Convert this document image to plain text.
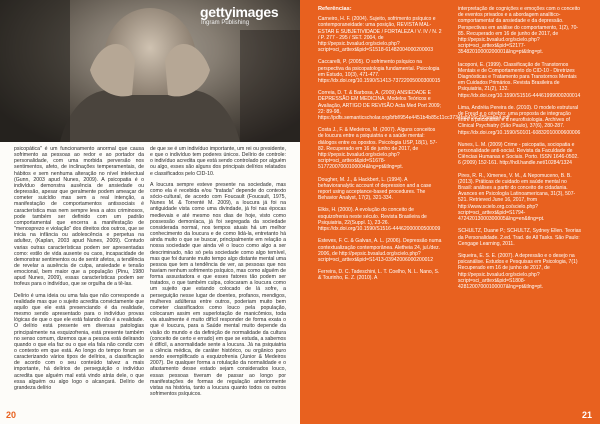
gettyimages
Ingram Publishing

psicopática" é um funcionamento anormal que causa sofrimento as pessoas ao redor e ao portador da personalidade, com uma morbida perversão nos sentimentos, afeto, de inclinações temperamentais, de hábitos e sem nenhuma alteração no nível intelectual (Gunn, 2003 apud Nunes, 2009). A psicopatia é o indivíduo demonstra ausência de ansiedade ou depressão, apesar que geralmente podem ameaçar de cometer suicídio mas sem a real intenção, a manifestação de comportamentos antissociais é característica mas nem sempre leva a atos criminosos, pode também ser definido com um padrão comportamental que encerra a manifestação de "menosprezo e violação" dos direitos dos outros, que se inicia na infância ou adolescência e perpetua na adultez, (Kaplan, 2003 apud Nunes, 2009). Contudo varias outras características podem ser apresentadas como: estilo de vida ausente ou caos, incapacidade de demonstrar sentimentos ou de sentir afetos, a tendência de revelar a ausência de culpa, ansiedade e tensão emocional, bem maior que a população (Pinu, 1980 apud Nunes, 2009), essas características podem ser trofeus para o indivíduo, que se orgulha de a tê-las.

Delírio é uma ideia ou uma fala que não corresponde a realidade mas que o sujeito acredita convictamente que aquilo que ele está presenciando é da realidade, mesmo sendo apresentado para o indivíduo provas lógicas de que o que ele está falando não é a realidade. O delírio está presente em diversas patologias principalmente na esquizofrenia, está presente também no senso comum, dizemos que a pessoa está delirando quando o que ela faz ou o que ela fala não condiz com o contexto em que está. Ao longo do tempo foram se caracterizando vários tipos de delírios, a classificação de acordo com o seu conteúdo talvez a mais importante, há delírios de perseguição o indivíduo acredita que alguém mal está vindo atrás dele, o que essa alguém ou algo logo o alcançará. Delírio de grandeza delírio

de que se é um indivíduo importante, um rei ou presidente, e que o indivíduo tem poderes únicos. Delírio de controle: o indivíduo acredita que está sendo controlado por alguém ou algo, esses são alguns dos principais delírios relatados e classificados pelo CID-10.

A loucura sempre esteve presente na sociedade, mas como ela é recebida e/ou "tratada" depende do contexto sócio-cultural, de acordo com Foucault (Foucault, 1975, Nunes M. & Torrenté M. 2009), a loucura já foi na antiguidade vista como uma divindade, já foi nas épocas medievais e até mesmo nos dias de hoje, visto como possessão demoníaca, já foi segregada da sociedade considerada normal, nos tempos atuais há um melhor conhecimento da loucura e de como lidá-la, entretanto há ainda muito o que se buscar, principalmente em relação a nossa sociedade que ainda vê o louco como algo a ser descriminado, não só pela sociedade como algo temível, mas que foi durante muito tempo algo distante mental uma pessoa que tem a tendência de ver, as pessoas que nos haviam nenhum sofrimento psíquico, mas como alguém de forma assustadora e que esses fatores tão podem ser tratados, o que também culpa, colocaram a loucura como um sujeito que estando colocado de lá sofre, a perseguição nesse lugar de doentes, profanos, mendigos, mulheres adúlteras entre outros, poderiam muito bem cometer classificados como louco pela população, colocaram assim em superlotação de manicômios, toda via atualmente é muito difícil responder de forma exata o que é loucura, para a Saúde mental muito depende da visão do mundo e da definição de normalidade da cultura (conceito de certo e errado) em que se estuda, a sabemos é difícil, a anormalidade sente a loucura. Já na psiquiatria a ciência médica, de caráter histórico, ou orgânico puro sendo exemplificado a esquizofrenia (Junior & Medeiros 2007). De qualquer forma a rotulação da normalidade e o afastamento desse estado sejam considerados louco, essas pessoas tiveram de passar ao longo por manifestações de formas de regulação anteriormente vistas na história, tanto a loucura quanto todos os outros sofrimentos psíquicos.

20
Referências:
Carneiro, H. F. (2004). Sujeito, sofrimento psíquico e contemporaneidade: uma posição, REVISTA MAL-ESTAR E SUBJETIVIDADE / FORTALEZA / V. IV / N. 2 / P. 277 - 295 / SET. 2004, de http://pepsic.bvsalud.org/scielo.php?script=sci_arttext&pid=S1518-61482004000200003
Caccarelli, P. (2005). O sofrimento psíquico na perspectiva da psicopatologia fundamental. Psicologia em Estudo, 10(3), 471-477. https://dx.doi.org/10.1590/S1413-73722005000300015
Correia, D. T. & Barbosa, A. (2009) ANSIEDADE E DEPRESSÃO EM MEDICINA. Modelos Teóricos e Avaliação, ARTIGO DE REVISÃO Acta Med Port 2009; 22: 89-98, https://pdfs.semanticscholar.org/bfbf/954e4451b4b85c11cc3734fa8416c255ea9a4.pdf
Costa J., F. & Medeiros, M. (2007). Alguns conceitos de loucura entre a psiquiatria e a saúde mental: diálogos entre os opostos. Psicologia USP, 18(1), 57-82. Recuperado em 16 de junho de 2017, de http://pepsic.bvsalud.org/scielo.php?script=sci_arttext&pid=S1678-51772007000100004&lng=pt&tlng=pt.
Dougher, M. J., & Hackbert, L. (1994). A behavioranalytic account of depression and a case report using acceptance-based procedures. The Behavior Analyst, 17(2), 321-334.
Elkis, H. (2000). A evolução do conceito de esquizofrenia neste século. Revista Brasileira de Psiquiatria, 22(Suppl. 1), 23-26. https://dx.doi.org/10.1590/S1516-44462000000500009
Esteves, F. C. & Galvan, A. L. (2006). Depressão numa contextualização contemporânea. Aletheia 24, jul./dez. 2006, de http://pepsic.bvsalud.org/scielo.php?script=sci_arttext&pid=S1413-03942006000200012
Ferreira, D. C. Tadeschini, L. T. Coelho, N. L. Nano, S. & Tourinho, E. Z. (2010). A
interpretação de cognições e emoções com o conceito de eventos privados e a abordagem analítico-comportamental da ansiedade e da depressão. Perspectivas em análise do comportamento, 1(2), 70-85. Recuperado em 16 de junho de 2017, de http://pepsic.bvsalud.org/scielo.php?script=sci_arttext&pid=S2177-35482010000200001&lng=pt&tlng=pt.
Iacoponi, E. (1999). Classificação de Transtornos Mentais e de Comportamento do CID-10 - Diretrizes Diagnósticas e Tratamento para Transtornos Mentais em Cuidados Primários. Revista Brasileira de Psiquiatria, 21(2), 132. https://dx.doi.org/10.1590/S1516-44461999000200014
Lima, Andréia Pereira de. (2010). O modelo estrutural de Freud e o cérebro: uma proposta de integração entre a psicanálise e a neurofisiologia. Archives of Clinical Psychiatry (São Paulo), 37(6), 280-287. https://dx.doi.org/10.1590/S0101-60832010000600006
Nunes, L. M. (2009) Crime - psicopatia, sociopatia e personalidade anti-social. Revista da Faculdade de Ciências Humanas e Sociais. Porto. ISSN 1646-0502. 6 (2009) 152-161. http://hdl.handle.net/10284/1324
Pires, R. R., Ximenes, V. M., & Nepomuceno, B. B. (2013). Práticas de cuidado em saúde mental no Brasil: análises a partir do conceito de cidadania. Avances en Psicología Latinoamericana, 31(3), 507-521. Retrieved June 16, 2017, from http://www.scielo.org.co/scielo.php?script=sci_arttext&pid=S1794-47242013000300005&lng=en&tlng=pt.
SCHULTZ, Duane P.; SCHULTZ, Sydney Ellen. Teorias da Personalidade. 2.ed. Trad. de All Tasks. São Paulo: Cengage Learning, 2011.
Siqueira, E. S. E. (2007). A depressão e o desejo na psicanálise. Estudos e Pesquisas em Psicologia, 7(1) Recuperado em 16 de junho de 2017, de http://pepsic.bvsalud.org/scielo.php?script=sci_arttext&pid=S1808-42812007000100007&lng=pt&tlng=pt.
21
